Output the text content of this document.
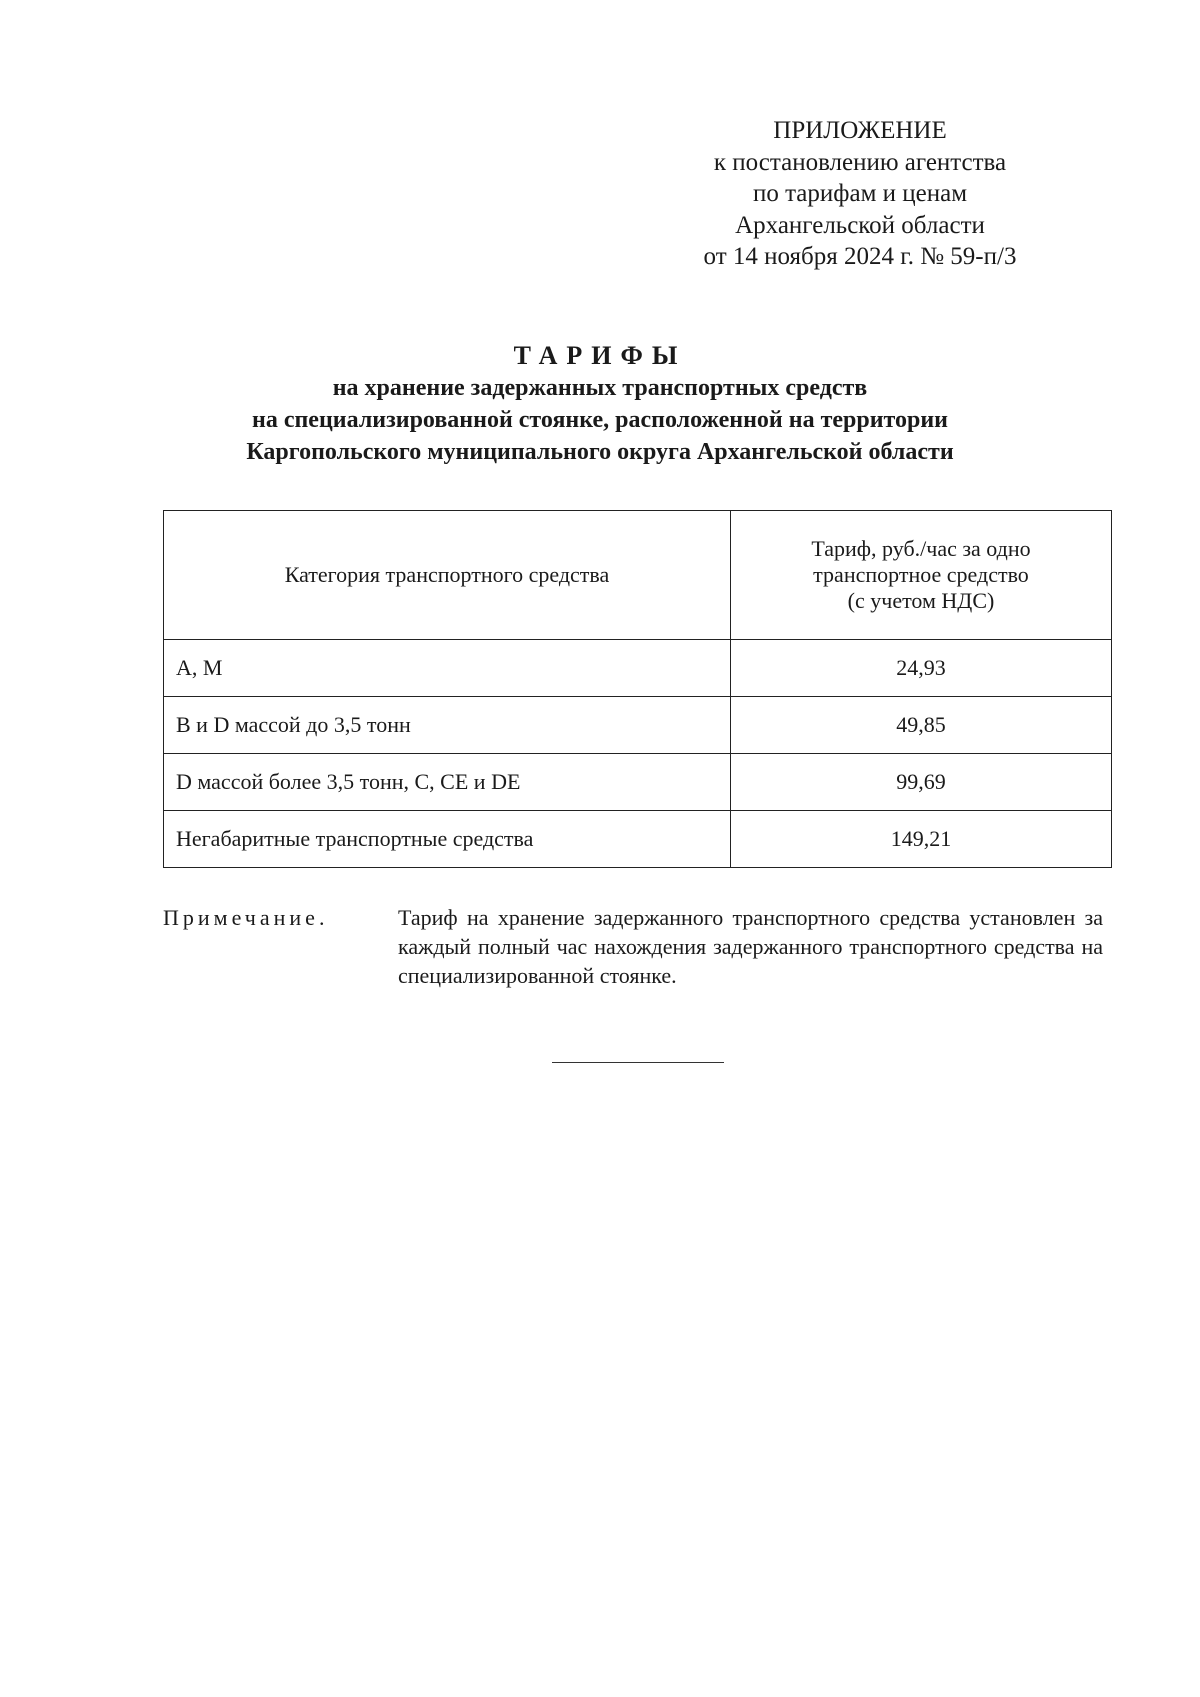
ПРИЛОЖЕНИЕ
к постановлению агентства
по тарифам и ценам
Архангельской области
от 14 ноября 2024 г. № 59-п/3
ТАРИФЫ
на хранение задержанных транспортных средств
на специализированной стоянке, расположенной на территории
Каргопольского муниципального округа Архангельской области
Категория транспортного средства	Тариф, руб./час за одно
транспортное средство
(с учетом НДС)

A, M	24,93
B и D массой до 3,5 тонн	49,85
D массой более 3,5 тонн, C, CE и DE	99,69
Негабаритные транспортные средства	149,21
Примечание.	Тариф на хранение задержанного транспортного средства установлен за каждый полный час нахождения задержанного транспортного средства на специализированной стоянке.
